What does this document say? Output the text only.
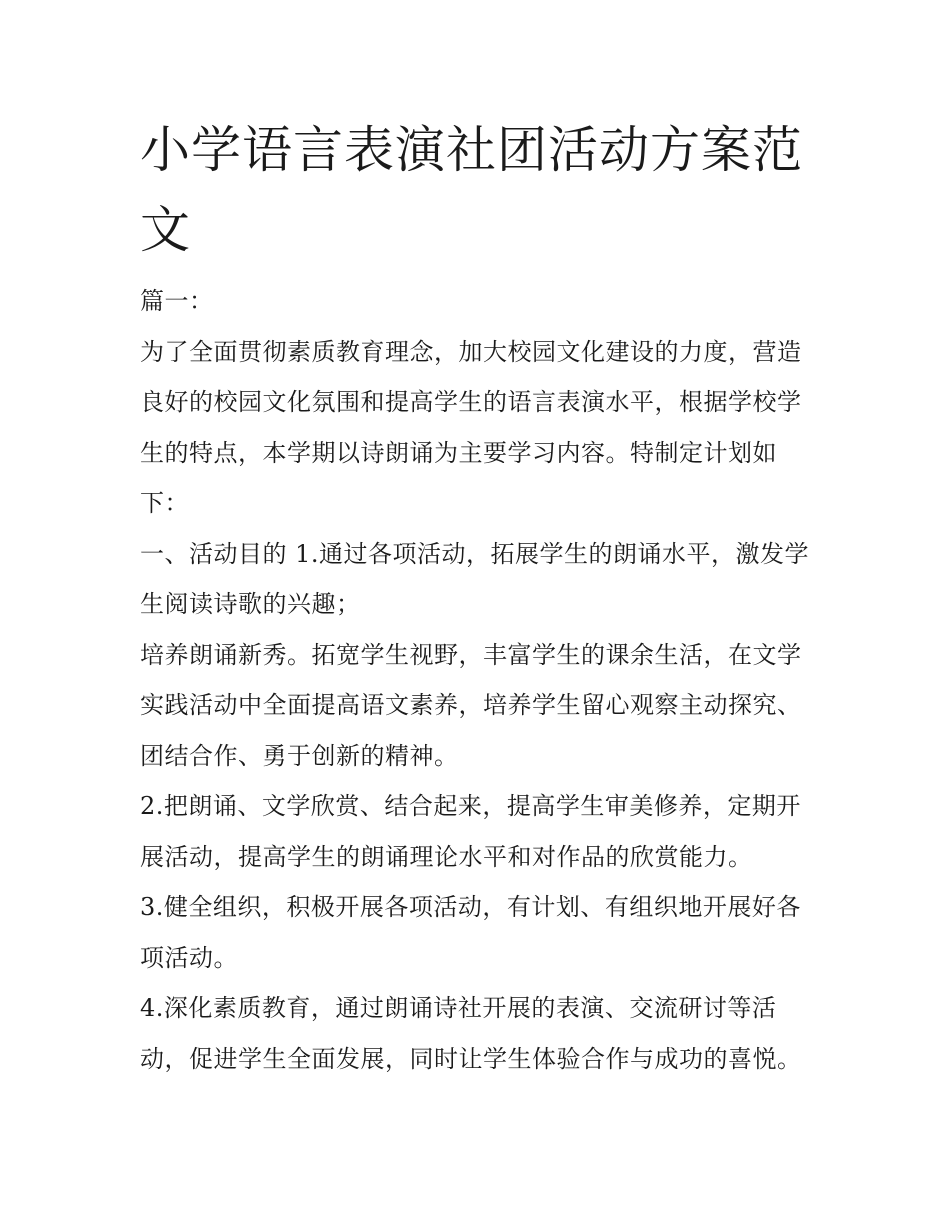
小学语言表演社团活动方案范文

篇一：

为了全面贯彻素质教育理念，加大校园文化建设的力度，营造良好的校园文化氛围和提高学生的语言表演水平，根据学校学生的特点，本学期以诗朗诵为主要学习内容。特制定计划如下：

一、活动目的 1.通过各项活动，拓展学生的朗诵水平，激发学生阅读诗歌的兴趣；

培养朗诵新秀。拓宽学生视野，丰富学生的课余生活，在文学实践活动中全面提高语文素养，培养学生留心观察主动探究、团结合作、勇于创新的精神。

2.把朗诵、文学欣赏、结合起来，提高学生审美修养，定期开展活动，提高学生的朗诵理论水平和对作品的欣赏能力。

3.健全组织，积极开展各项活动，有计划、有组织地开展好各项活动。

4.深化素质教育，通过朗诵诗社开展的表演、交流研讨等活动，促进学生全面发展，同时让学生体验合作与成功的喜悦。
